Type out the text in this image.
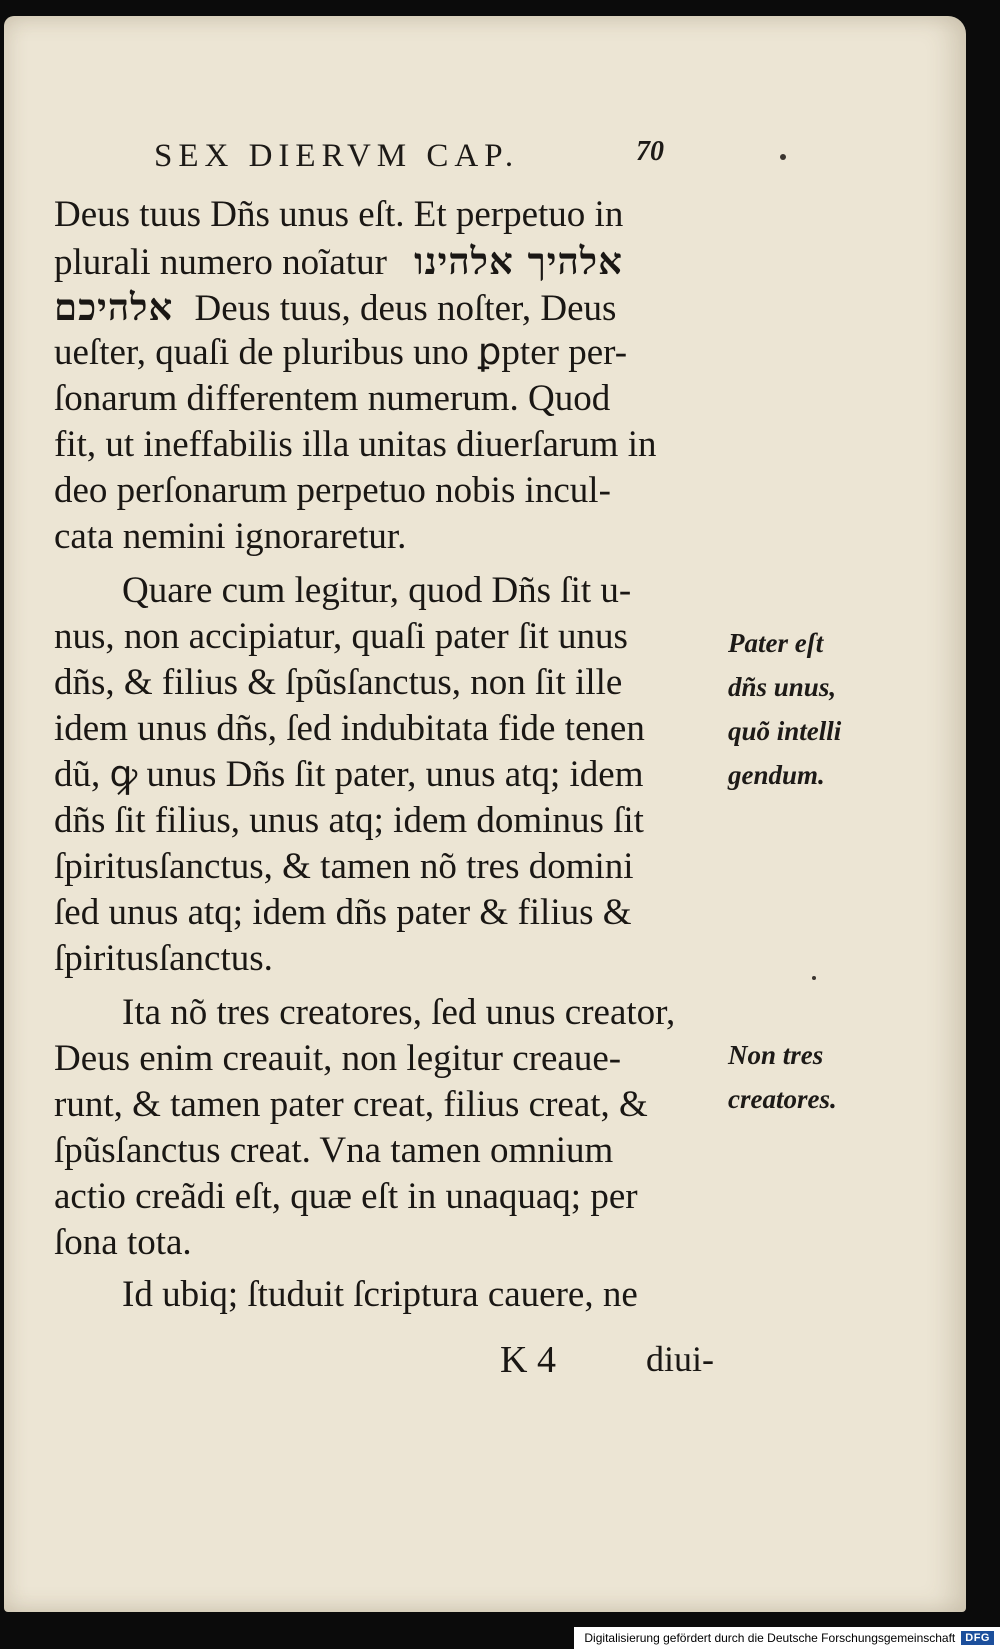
SEX DIERVM CAP.	70
Deus tuus Dñs unus eſt. Et perpetuo in
plurali numero noĩatur אלהיך אלהינו
אלהיכם Deus tuus, deus noſter, Deus
ueſter, quaſi de pluribus uno ꝑpter per-
ſonarum differentem numerum. Quod
fit, ut ineffabilis illa unitas diuerſarum in
deo perſonarum perpetuo nobis incul-
cata nemini ignoraretur.
Quare cum legitur, quod Dñs ſit u-
nus, non accipiatur, quaſi pater ſit unus
dñs, & filius & ſpũsſanctus, non ſit ille
idem unus dñs, ſed indubitata fide tenen
dũ, ꝙ unus Dñs ſit pater, unus atq; idem
dñs ſit filius, unus atq; idem dominus ſit
ſpiritusſanctus, & tamen nõ tres domini
ſed unus atq; idem dñs pater & filius &
ſpiritusſanctus.
Ita nõ tres creatores, ſed unus creator,
Deus enim creauit, non legitur creaue-
runt, & tamen pater creat, filius creat, &
ſpũsſanctus creat. Vna tamen omnium
actio creãdi eſt, quæ eſt in unaquaq; per
ſona tota.
Id ubiq; ſtuduit ſcriptura cauere, ne
Pater eſt
dñs unus,
quõ intelli
gendum.
Non tres
creatores.
K 4	diui-
Digitalisierung gefördert durch die Deutsche Forschungsgemeinschaft DFG
